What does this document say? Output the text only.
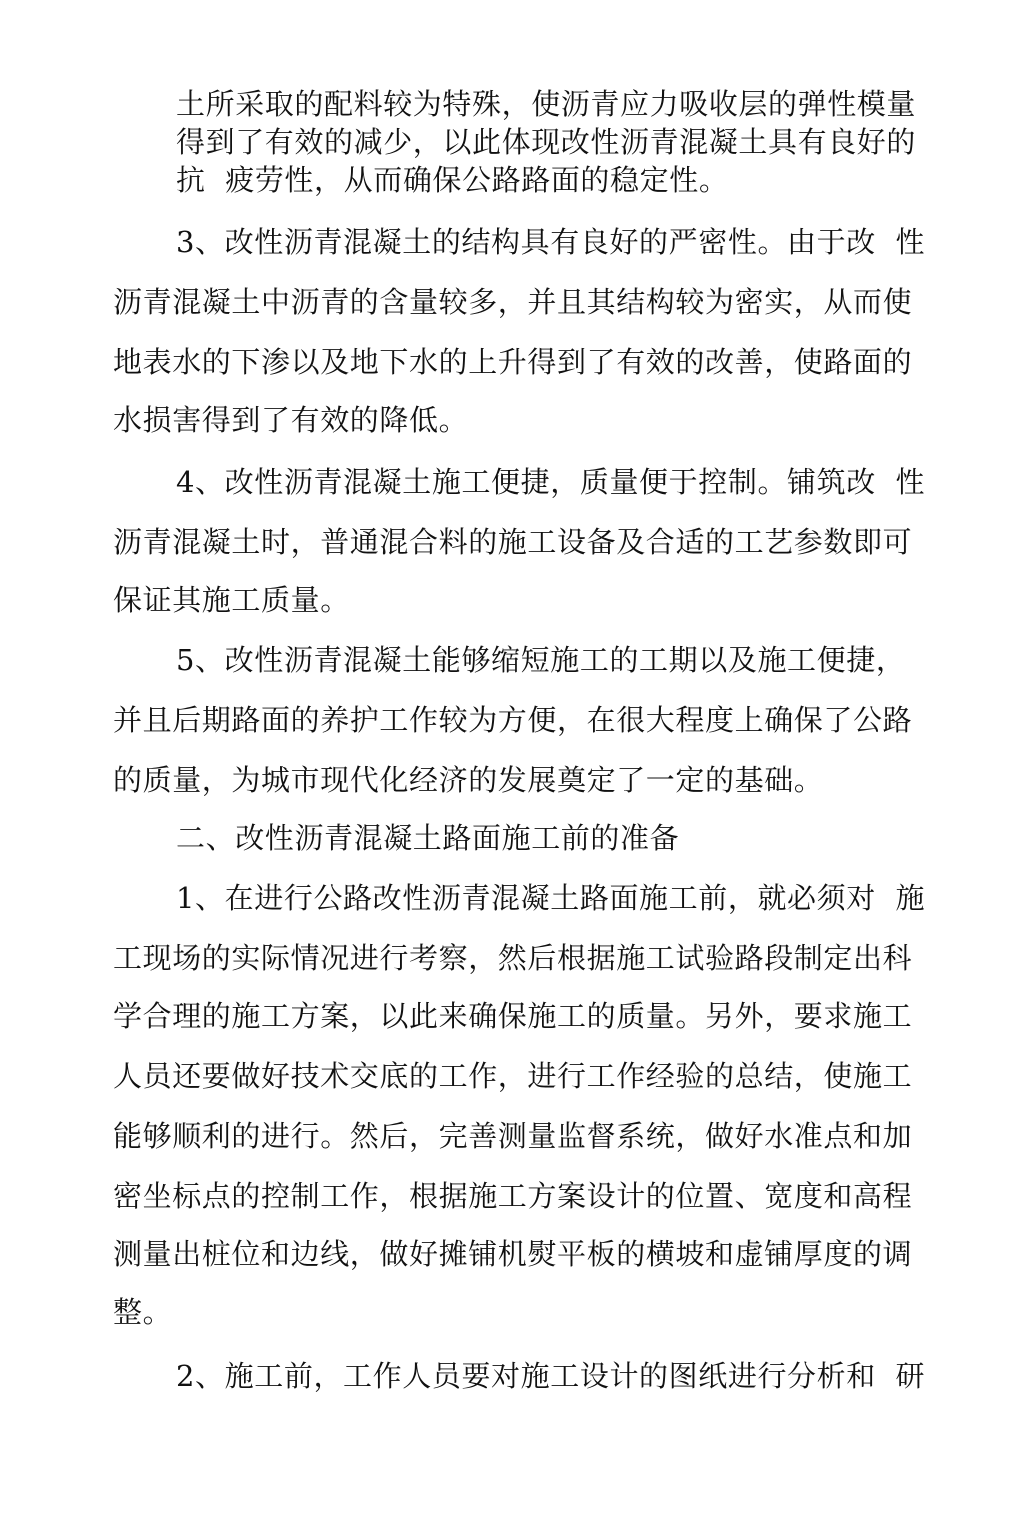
土所采取的配料较为特殊，使沥青应力吸收层的弹性模量
得到了有效的减少，以此体现改性沥青混凝土具有良好的
抗  疲劳性，从而确保公路路面的稳定性。
3、改性沥青混凝土的结构具有良好的严密性。由于改  性
沥青混凝土中沥青的含量较多，并且其结构较为密实，从而使
地表水的下渗以及地下水的上升得到了有效的改善，使路面的
水损害得到了有效的降低。
4、改性沥青混凝土施工便捷，质量便于控制。铺筑改  性
沥青混凝土时，普通混合料的施工设备及合适的工艺参数即可
保证其施工质量。
5、改性沥青混凝土能够缩短施工的工期以及施工便捷，
并且后期路面的养护工作较为方便，在很大程度上确保了公路
的质量，为城市现代化经济的发展奠定了一定的基础。
二、改性沥青混凝土路面施工前的准备
1、在进行公路改性沥青混凝土路面施工前，就必须对  施
工现场的实际情况进行考察，然后根据施工试验路段制定出科
学合理的施工方案，以此来确保施工的质量。另外，要求施工
人员还要做好技术交底的工作，进行工作经验的总结，使施工
能够顺利的进行。然后，完善测量监督系统，做好水准点和加
密坐标点的控制工作，根据施工方案设计的位置、宽度和高程
测量出桩位和边线，做好摊铺机熨平板的横坡和虚铺厚度的调
整。
2、施工前，工作人员要对施工设计的图纸进行分析和  研
